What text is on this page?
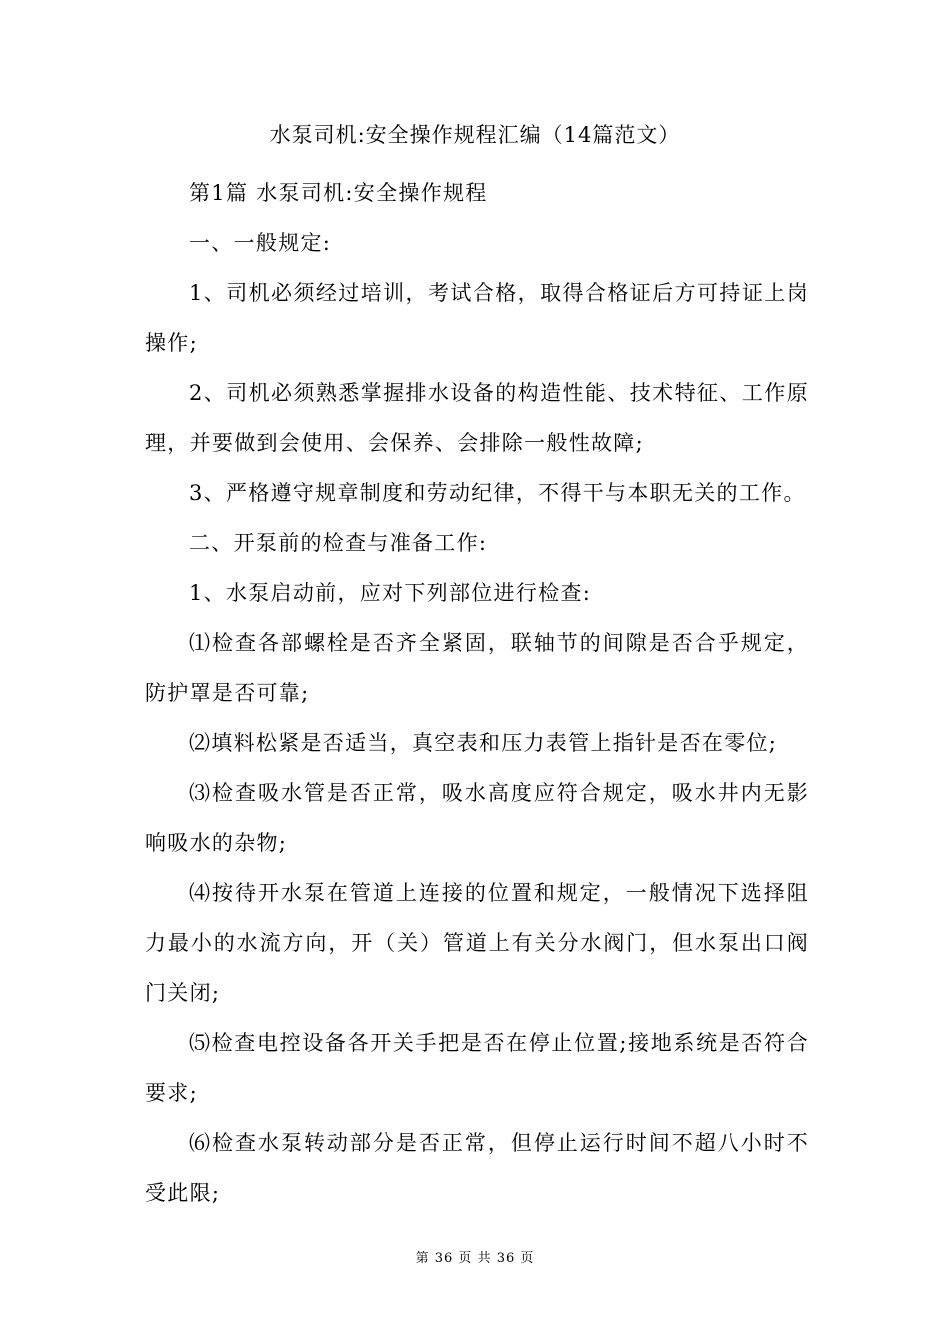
水泵司机:安全操作规程汇编（14篇范文）

第1篇 水泵司机:安全操作规程

一、一般规定:

1、司机必须经过培训，考试合格，取得合格证后方可持证上岗操作;

2、司机必须熟悉掌握排水设备的构造性能、技术特征、工作原理，并要做到会使用、会保养、会排除一般性故障;

3、严格遵守规章制度和劳动纪律，不得干与本职无关的工作。

二、开泵前的检查与准备工作:

1、水泵启动前，应对下列部位进行检查:

⑴检查各部螺栓是否齐全紧固，联轴节的间隙是否合乎规定，防护罩是否可靠;

⑵填料松紧是否适当，真空表和压力表管上指针是否在零位;

⑶检查吸水管是否正常，吸水高度应符合规定，吸水井内无影响吸水的杂物;

⑷按待开水泵在管道上连接的位置和规定，一般情况下选择阻力最小的水流方向，开（关）管道上有关分水阀门，但水泵出口阀门关闭;

⑸检查电控设备各开关手把是否在停止位置;接地系统是否符合要求;

⑹检查水泵转动部分是否正常，但停止运行时间不超八小时不受此限;

第 36 页 共 36 页
